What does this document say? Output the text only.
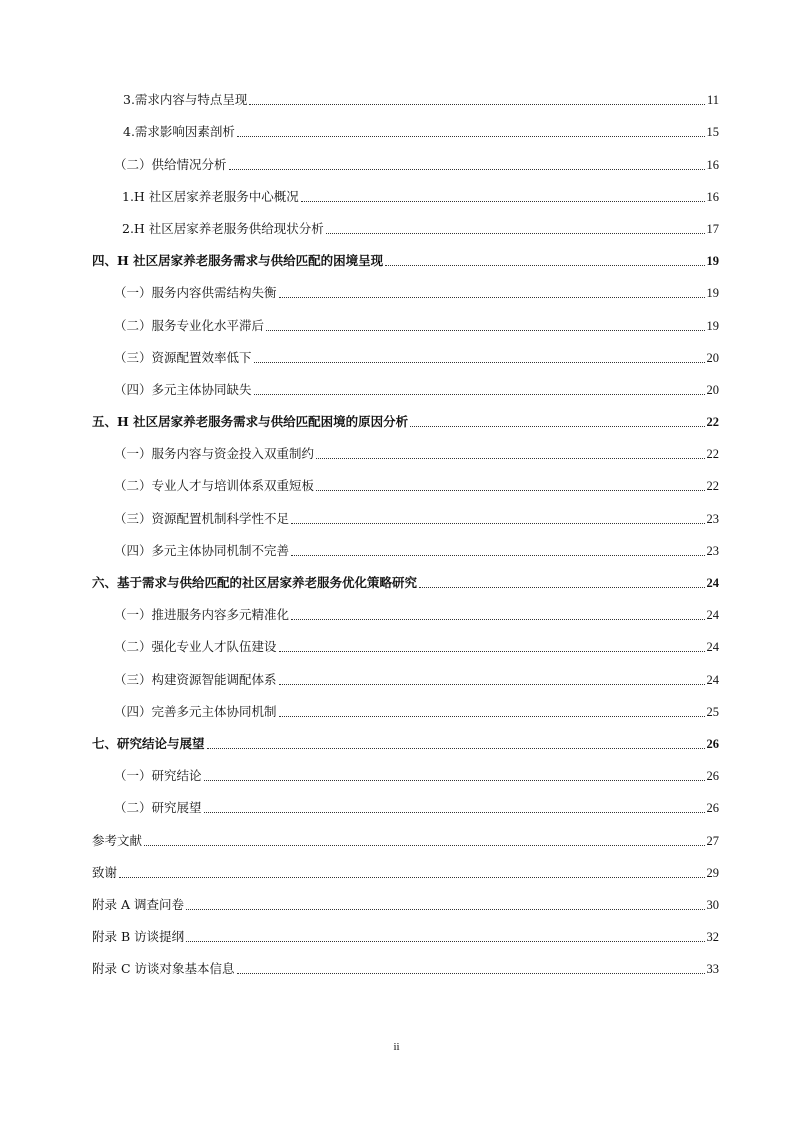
3.需求内容与特点呈现	11
4.需求影响因素剖析	15
（二）供给情况分析	16
1.H 社区居家养老服务中心概况	16
2.H 社区居家养老服务供给现状分析	17
四、H 社区居家养老服务需求与供给匹配的困境呈现	19
（一）服务内容供需结构失衡	19
（二）服务专业化水平滞后	19
（三）资源配置效率低下	20
（四）多元主体协同缺失	20
五、H 社区居家养老服务需求与供给匹配困境的原因分析	22
（一）服务内容与资金投入双重制约	22
（二）专业人才与培训体系双重短板	22
（三）资源配置机制科学性不足	23
（四）多元主体协同机制不完善	23
六、基于需求与供给匹配的社区居家养老服务优化策略研究	24
（一）推进服务内容多元精准化	24
（二）强化专业人才队伍建设	24
（三）构建资源智能调配体系	24
（四）完善多元主体协同机制	25
七、研究结论与展望	26
（一）研究结论	26
（二）研究展望	26
参考文献	27
致谢	29
附录 A 调查问卷	30
附录 B 访谈提纲	32
附录 C 访谈对象基本信息	33
ii
